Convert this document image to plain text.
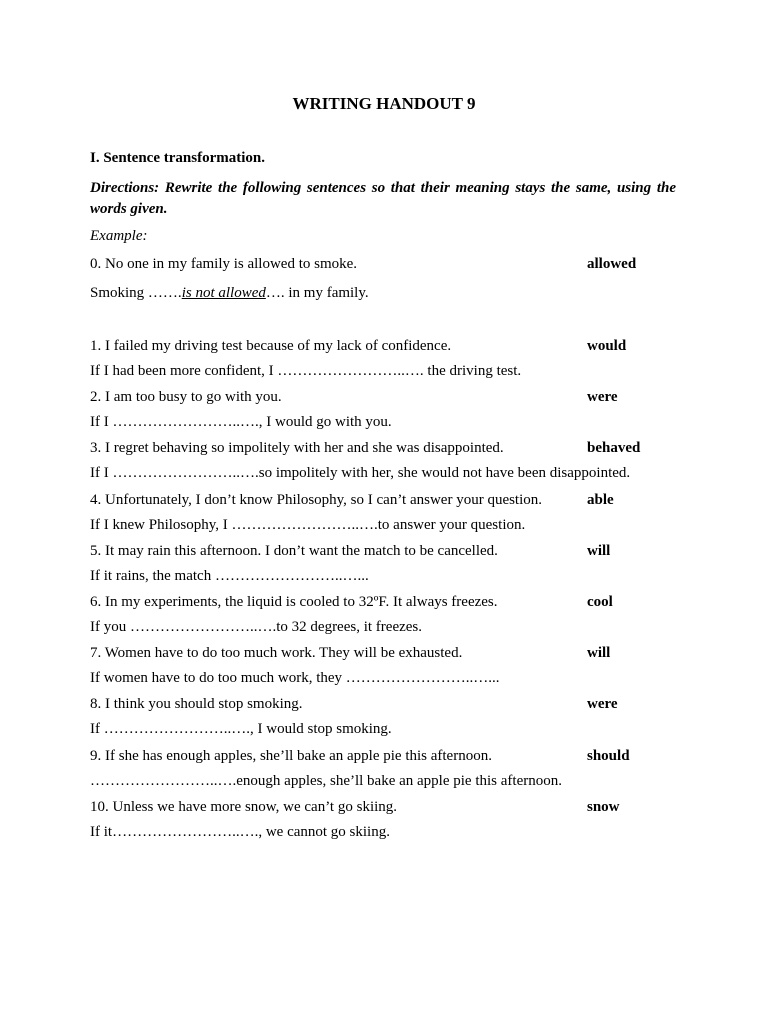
WRITING HANDOUT 9
I. Sentence transformation.
Directions: Rewrite the following sentences so that their meaning stays the same, using the words given.
Example:
0. No one in my family is allowed to smoke.	allowed
Smoking …….is not allowed…. in my family.
1. I failed my driving test because of my lack of confidence.	would
If I had been more confident, I ……………………..…. the driving test.
2. I am too busy to go with you.	were
If I ……………………..…., I would go with you.
3. I regret behaving so impolitely with her and she was disappointed.	behaved
If I ……………………..….so impolitely with her, she would not have been disappointed.
4. Unfortunately, I don’t know Philosophy, so I can’t answer your question.	able
If I knew Philosophy, I ……………………..….to answer your question.
5. It may rain this afternoon. I don’t want the match to be cancelled.	will
If it rains, the match ……………………..…...
6. In my experiments, the liquid is cooled to 32ºF. It always freezes.	cool
If you ……………………..….to 32 degrees, it freezes.
7. Women have to do too much work. They will be exhausted.	will
If women have to do too much work, they ……………………..…...
8. I think you should stop smoking.	were
If ……………………..…., I would stop smoking.
9. If she has enough apples, she’ll bake an apple pie this afternoon.	should
……………………..….enough apples, she’ll bake an apple pie this afternoon.
10. Unless we have more snow, we can’t go skiing.	snow
If it……………………..…., we cannot go skiing.
